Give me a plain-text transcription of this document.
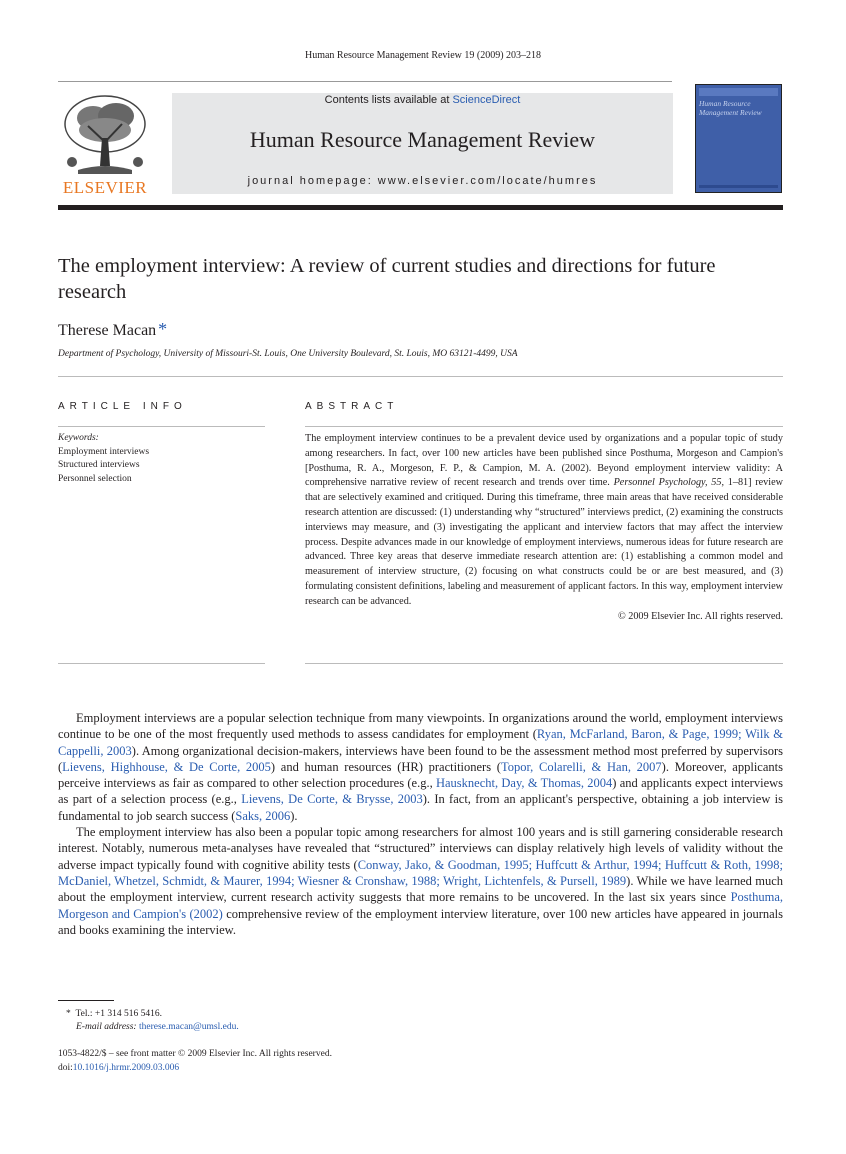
Human Resource Management Review 19 (2009) 203–218
ELSEVIER
Contents lists available at ScienceDirect
Human Resource Management Review
journal homepage: www.elsevier.com/locate/humres
Human Resource Management Review
The employment interview: A review of current studies and directions for future research
Therese Macan *
Department of Psychology, University of Missouri-St. Louis, One University Boulevard, St. Louis, MO 63121-4499, USA
ARTICLE INFO	ABSTRACT
Keywords:
Employment interviews
Structured interviews
Personnel selection
The employment interview continues to be a prevalent device used by organizations and a popular topic of study among researchers. In fact, over 100 new articles have been published since Posthuma, Morgeson and Campion's [Posthuma, R. A., Morgeson, F. P., & Campion, M. A. (2002). Beyond employment interview validity: A comprehensive narrative review of recent research and trends over time. Personnel Psychology, 55, 1–81] review that are selectively examined and critiqued. During this timeframe, three main areas that have received considerable research attention are discussed: (1) understanding why “structured” interviews predict, (2) examining the constructs interviews may measure, and (3) investigating the applicant and interview factors that may affect the interview process. Despite advances made in our knowledge of employment interviews, numerous ideas for future research are advanced. Three key areas that deserve immediate research attention are: (1) establishing a common model and measurement of interview structure, (2) focusing on what constructs could be or are best measured, and (3) formulating consistent definitions, labeling and measurement of applicant factors. In this way, employment interview research can be advanced.
© 2009 Elsevier Inc. All rights reserved.

Employment interviews are a popular selection technique from many viewpoints. In organizations around the world, employment interviews continue to be one of the most frequently used methods to assess candidates for employment (Ryan, McFarland, Baron, & Page, 1999; Wilk & Cappelli, 2003). Among organizational decision-makers, interviews have been found to be the assessment method most preferred by supervisors (Lievens, Highhouse, & De Corte, 2005) and human resources (HR) practitioners (Topor, Colarelli, & Han, 2007). Moreover, applicants perceive interviews as fair as compared to other selection procedures (e.g., Hausknecht, Day, & Thomas, 2004) and applicants expect interviews as part of a selection process (e.g., Lievens, De Corte, & Brysse, 2003). In fact, from an applicant's perspective, obtaining a job interview is fundamental to job search success (Saks, 2006).

The employment interview has also been a popular topic among researchers for almost 100 years and is still garnering considerable research interest. Notably, numerous meta-analyses have revealed that “structured” interviews can display relatively high levels of validity without the adverse impact typically found with cognitive ability tests (Conway, Jako, & Goodman, 1995; Huffcutt & Arthur, 1994; Huffcutt & Roth, 1998; McDaniel, Whetzel, Schmidt, & Maurer, 1994; Wiesner & Cronshaw, 1988; Wright, Lichtenfels, & Pursell, 1989). While we have learned much about the employment interview, current research activity suggests that more remains to be uncovered. In the last six years since Posthuma, Morgeson and Campion's (2002) comprehensive review of the employment interview literature, over 100 new articles have appeared in journals and books examining the interview.

* Tel.: +1 314 516 5416.
E-mail address: therese.macan@umsl.edu.
1053-4822/$ – see front matter © 2009 Elsevier Inc. All rights reserved.
doi:10.1016/j.hrmr.2009.03.006
